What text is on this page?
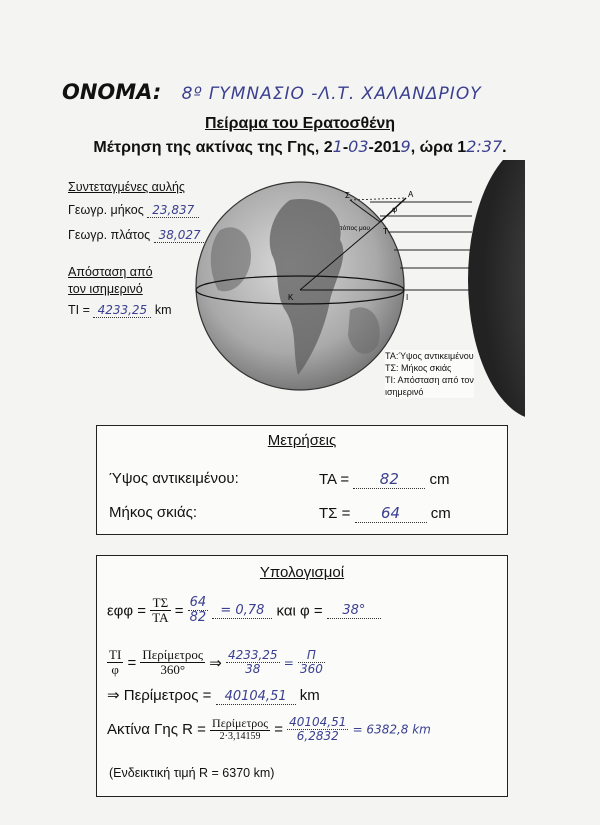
ONOMA: 8º ΓΥΜΝΑΣΙΟ -Λ.Τ. ΧΑΛΑΝΔΡΙΟΥ
Πείραμα του Ερατοσθένη
Μέτρηση της ακτίνας της Γης, 21-03-2019, ώρα 12:37.
Συντεταγμένες αυλής
Γεωγρ. μήκος 23,837
Γεωγρ. πλάτος 38,027
Απόσταση από
τον ισημερινό
ΤΙ = 4233,25 km
Σ	Α
φ
Τ
τόπος μου
Ι
Κ
ΤΑ:Ύψος αντικειμένου
ΤΣ: Μήκος σκιάς
ΤΙ: Απόσταση από τον
ισημερινό
Μετρήσεις
Ύψος αντικειμένου:	ΤΑ = 82 cm
Μήκος σκιάς:	ΤΣ = 64 cm
Υπολογισμοί
$\varepsilon\varphi\varphi = \frac{T\Sigma}{TA} = \frac{64}{82} = 0,78$ και φ = 38°
$\frac{TI}{\varphi} = \frac{\text{Περίμετρος}}{360^\circ}$ ⇒ $\frac{4233,25}{38} = \frac{\Pi}{360}$
⇒ Περίμετρος = 40104,51 km
Ακτίνα Γης $R = \frac{\text{Περίμετρος}}{2\cdot 3,14159} = \frac{40104,51}{6,2832} = 6382,8$ km
(Ενδεικτική τιμή R = 6370 km)
